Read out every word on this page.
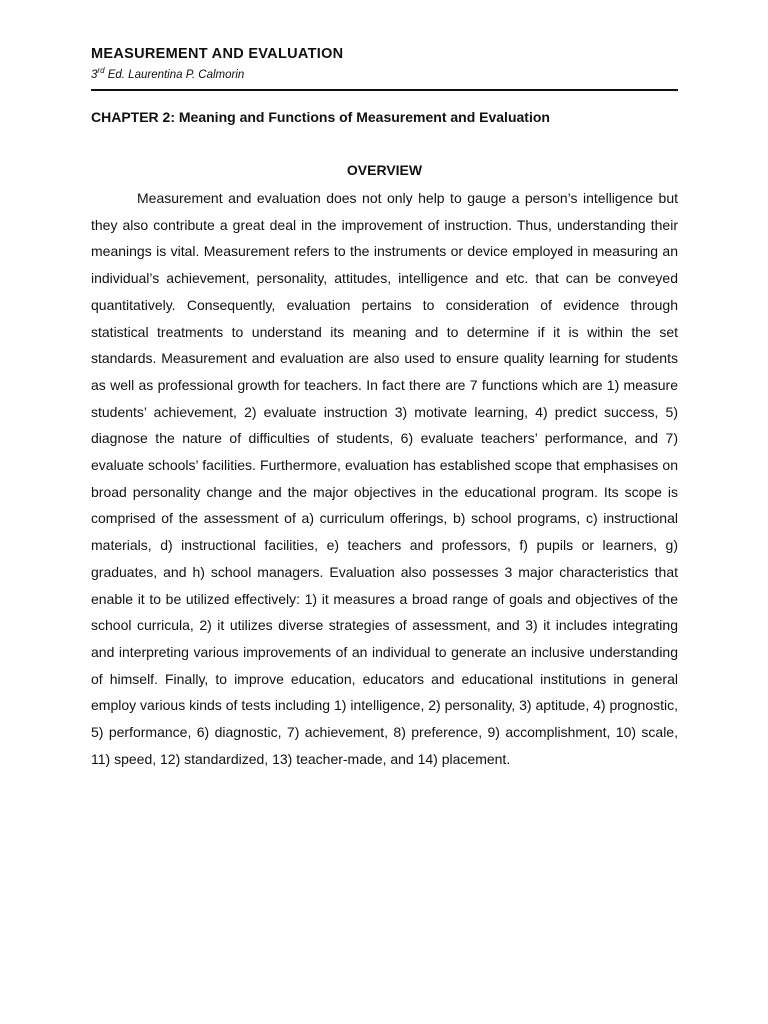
MEASUREMENT AND EVALUATION
3rd Ed. Laurentina P. Calmorin
CHAPTER 2: Meaning and Functions of Measurement and Evaluation
OVERVIEW

Measurement and evaluation does not only help to gauge a person’s intelligence but they also contribute a great deal in the improvement of instruction. Thus, understanding their meanings is vital. Measurement refers to the instruments or device employed in measuring an individual’s achievement, personality, attitudes, intelligence and etc. that can be conveyed quantitatively. Consequently, evaluation pertains to consideration of evidence through statistical treatments to understand its meaning and to determine if it is within the set standards. Measurement and evaluation are also used to ensure quality learning for students as well as professional growth for teachers. In fact there are 7 functions which are 1) measure students’ achievement, 2) evaluate instruction 3) motivate learning, 4) predict success, 5) diagnose the nature of difficulties of students, 6) evaluate teachers’ performance, and 7) evaluate schools’ facilities. Furthermore, evaluation has established scope that emphasises on broad personality change and the major objectives in the educational program. Its scope is comprised of the assessment of a) curriculum offerings, b) school programs, c) instructional materials, d) instructional facilities, e) teachers and professors, f) pupils or learners, g) graduates, and h) school managers. Evaluation also possesses 3 major characteristics that enable it to be utilized effectively: 1) it measures a broad range of goals and objectives of the school curricula, 2) it utilizes diverse strategies of assessment, and 3) it includes integrating and interpreting various improvements of an individual to generate an inclusive understanding of himself. Finally, to improve education, educators and educational institutions in general employ various kinds of tests including 1) intelligence, 2) personality, 3) aptitude, 4) prognostic, 5) performance, 6) diagnostic, 7) achievement, 8) preference, 9) accomplishment, 10) scale, 11) speed, 12) standardized, 13) teacher-made, and 14) placement.
